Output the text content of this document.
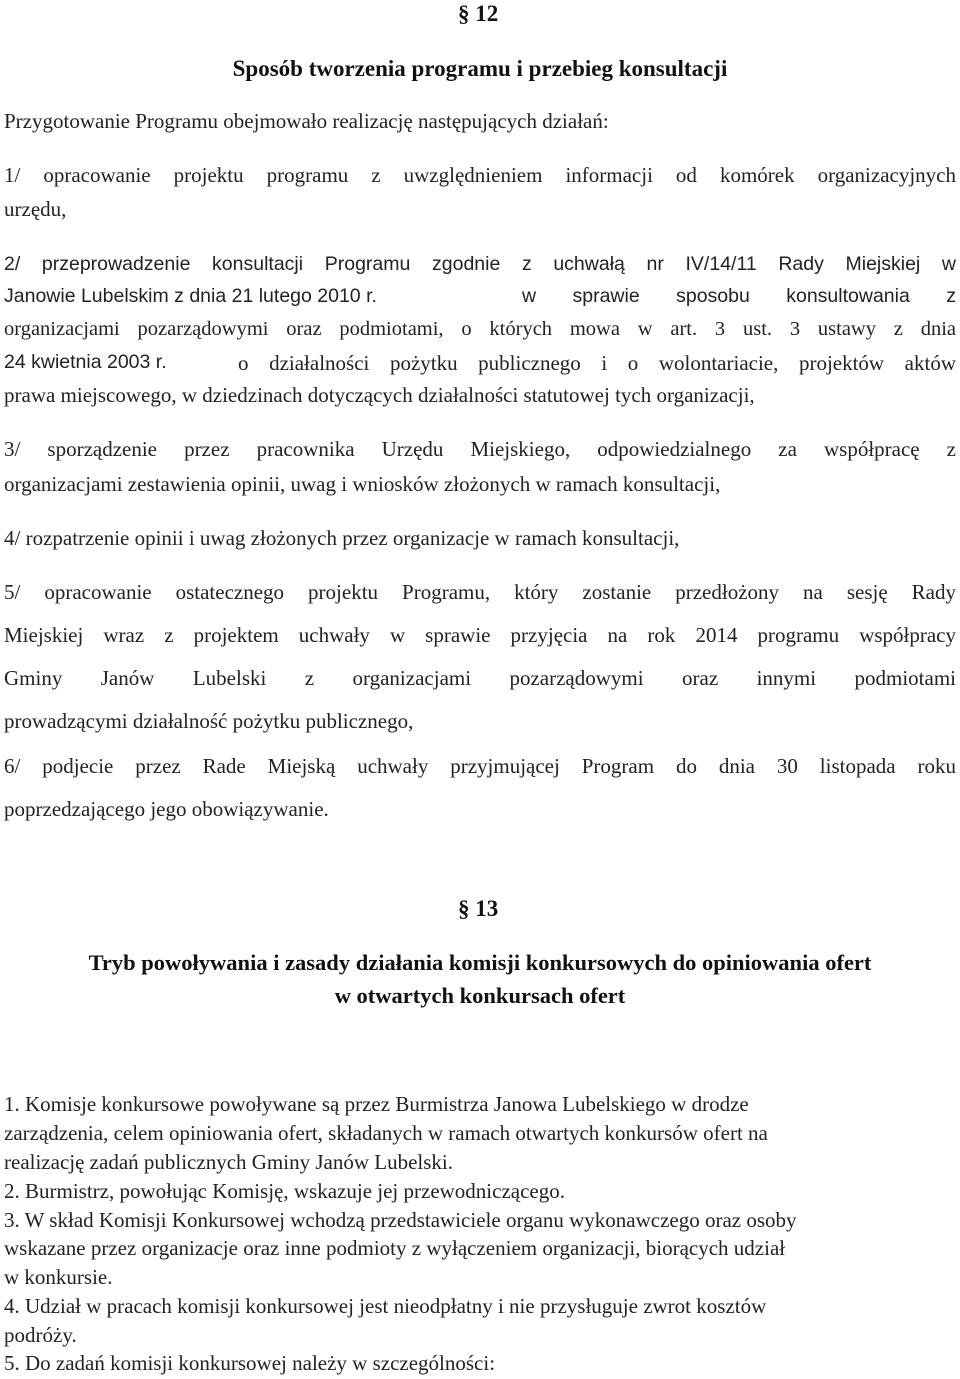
§ 12

Sposób tworzenia programu i przebieg konsultacji

Przygotowanie Programu obejmowało realizację następujących działań:

1/ opracowanie projektu programu z uwzględnieniem informacji od komórek organizacyjnych

urzędu,

2/ przeprowadzenie konsultacji Programu zgodnie z uchwałą nr IV/14/11 Rady Miejskiej w

Janowie Lubelskim z dnia 21 lutego 2010 r.	w sprawie sposobu konsultowania z

organizacjami pozarządowymi oraz podmiotami, o których mowa w art. 3 ust. 3 ustawy z dnia

24 kwietnia 2003 r.	o działalności pożytku publicznego i o wolontariacie, projektów aktów

prawa miejscowego, w dziedzinach dotyczących działalności statutowej tych organizacji,

3/ sporządzenie przez pracownika Urzędu Miejskiego, odpowiedzialnego za współpracę z

organizacjami zestawienia opinii, uwag i wniosków złożonych w ramach konsultacji,

4/ rozpatrzenie opinii i uwag złożonych przez organizacje w ramach konsultacji,

5/ opracowanie ostatecznego projektu Programu, który zostanie przedłożony na sesję Rady

Miejskiej wraz z projektem uchwały w sprawie przyjęcia na rok 2014 programu współpracy

Gminy Janów Lubelski z organizacjami pozarządowymi oraz innymi podmiotami

prowadzącymi działalność pożytku publicznego,

6/ podjecie przez Rade Miejską uchwały przyjmującej Program do dnia 30 listopada roku

poprzedzającego jego obowiązywanie.

§ 13

Tryb powoływania i zasady działania komisji konkursowych do opiniowania ofert

w otwartych konkursach ofert

1. Komisje konkursowe powoływane są przez Burmistrza Janowa Lubelskiego w drodze

zarządzenia, celem opiniowania ofert, składanych w ramach otwartych konkursów ofert na

realizację zadań publicznych Gminy Janów Lubelski.

2. Burmistrz, powołując Komisję, wskazuje jej przewodniczącego.

3. W skład Komisji Konkursowej wchodzą przedstawiciele organu wykonawczego oraz osoby

wskazane przez organizacje oraz inne podmioty z wyłączeniem organizacji, biorących udział

w konkursie.

4. Udział w pracach komisji konkursowej jest nieodpłatny i nie przysługuje zwrot kosztów

podróży.

5. Do zadań komisji konkursowej należy w szczególności:
